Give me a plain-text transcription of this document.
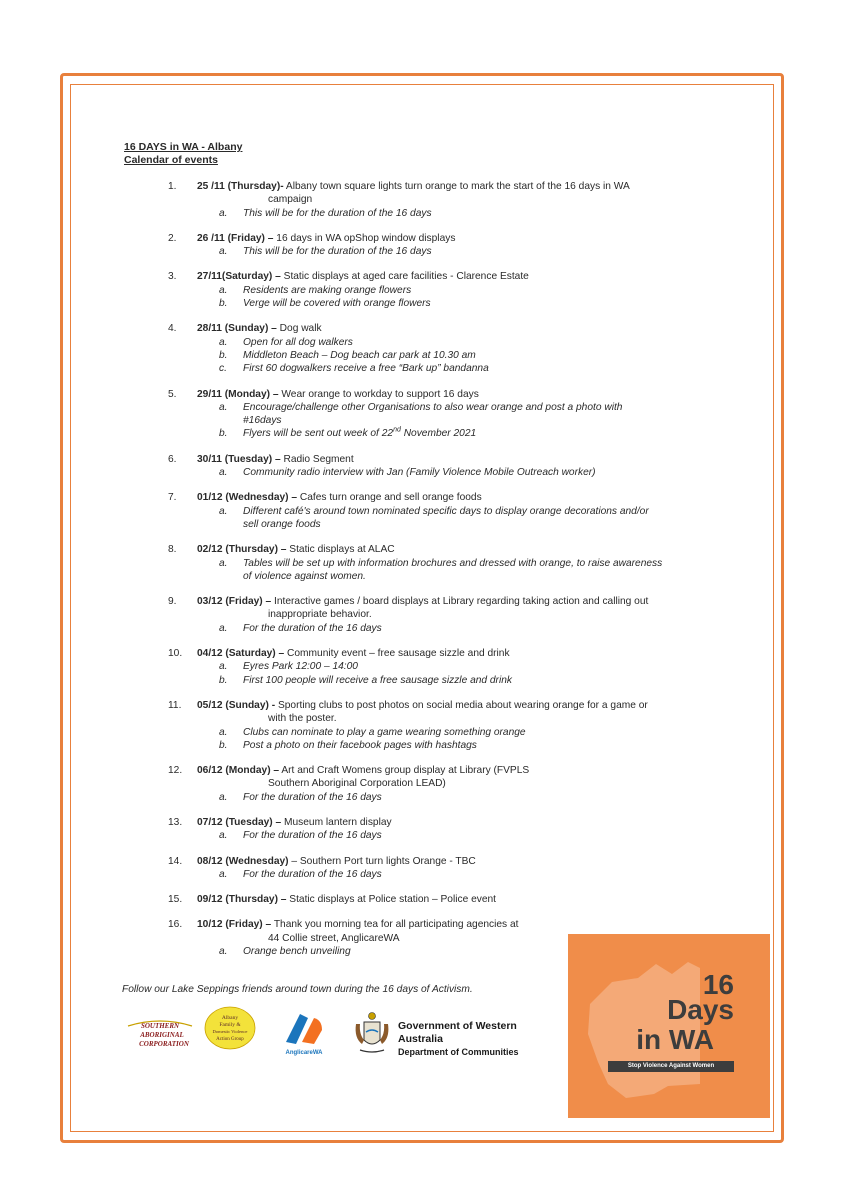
16 DAYS in WA - Albany
Calendar of events
1. 25 /11 (Thursday)- Albany town square lights turn orange to mark the start of the 16 days in WA
campaign
a. This will be for the duration of the 16 days
2. 26 /11 (Friday) – 16 days in WA opShop window displays
a. This will be for the duration of the 16 days
3. 27/11(Saturday) – Static displays at aged care facilities - Clarence Estate
a. Residents are making orange flowers
b. Verge will be covered with orange flowers
4. 28/11 (Sunday) – Dog walk
a. Open for all dog walkers
b. Middleton Beach – Dog beach car park at 10.30 am
c. First 60 dogwalkers receive a free “Bark up” bandanna
5. 29/11 (Monday) – Wear orange to workday to support 16 days
a. Encourage/challenge other Organisations to also wear orange and post a photo with
#16days
b. Flyers will be sent out week of 22nd November 2021
6. 30/11 (Tuesday) – Radio Segment
a. Community radio interview with Jan (Family Violence Mobile Outreach worker)
7. 01/12 (Wednesday) – Cafes turn orange and sell orange foods
a. Different café's around town nominated specific days to display orange decorations and/or
sell orange foods
8. 02/12 (Thursday) – Static displays at ALAC
a. Tables will be set up with information brochures and dressed with orange, to raise awareness
of violence against women.
9. 03/12 (Friday) – Interactive games / board displays at Library regarding taking action and calling out
inappropriate behavior.
a. For the duration of the 16 days
10. 04/12 (Saturday) – Community event – free sausage sizzle and drink
a. Eyres Park 12:00 – 14:00
b. First 100 people will receive a free sausage sizzle and drink
11. 05/12 (Sunday) - Sporting clubs to post photos on social media about wearing orange for a game or
with the poster.
a. Clubs can nominate to play a game wearing something orange
b. Post a photo on their facebook pages with hashtags
12. 06/12 (Monday) – Art and Craft Womens group display at Library (FVPLS
Southern Aboriginal Corporation LEAD)
a. For the duration of the 16 days
13. 07/12 (Tuesday) – Museum lantern display
a. For the duration of the 16 days
14. 08/12 (Wednesday) – Southern Port turn lights Orange - TBC
a. For the duration of the 16 days
15. 09/12 (Thursday) – Static displays at Police station – Police event
16. 10/12 (Friday) – Thank you morning tea for all participating agencies at
44 Collie street, AnglicareWA
a. Orange bench unveiling
Follow our Lake Seppings friends around town during the 16 days of Activism.
SOUTHERN
ABORIGINAL
CORPORATION
Albany
Family &
Domestic Violence
Action Group
AnglicareWA
Government of Western Australia
Department of Communities
16
Days
in WA
Stop Violence Against Women
